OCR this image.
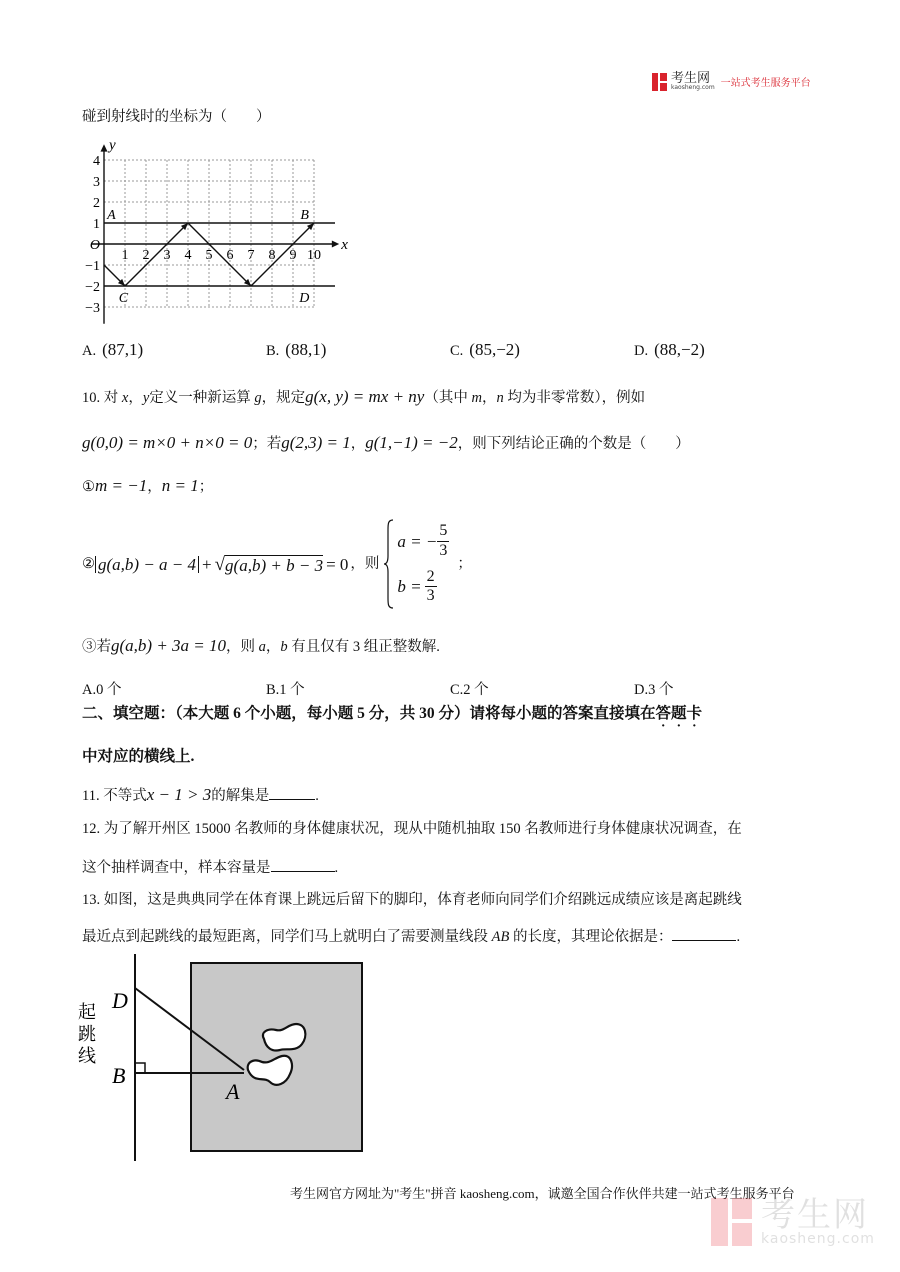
考生网
kaosheng.com 一站式考生服务平台
碰到射线时的坐标为（　　）
1 2 3 4 5 6 7 8 9 10
4
3
2
1
−1
−2
−3
O	x
y
A	B
C	D
A. (87,1)	B. (88,1)	C. (85,−2)	D. (88,−2)
10. 对 x，y定义一种新运算 g，规定g(x, y) = mx + ny（其中 m，n 均为非零常数），例如
g(0,0) = m×0 + n×0 = 0；若g(2,3) = 1，g(1,−1) = −2，则下列结论正确的个数是（　　）
①m = −1，n = 1；
② g(a,b) − a − 4 + √ g(a,b) + b − 3 = 0 ，则
a = − $\frac{5}{3}$
$b = \frac{2}{3}$
；
③若g(a,b) + 3a = 10，则 a，b 有且仅有 3 组正整数解.
A.0 个	B.1 个	C.2 个	D.3 个
二、填空题：（本大题 6 个小题，每小题 5 分，共 30 分）请将每小题的答案直接填在答题卡
中对应的横线上.
11. 不等式x − 1 > 3的解集是	.
12. 为了解开州区 15000 名教师的身体健康状况，现从中随机抽取 150 名教师进行身体健康状况调查，在
这个抽样调查中，样本容量是	.
13. 如图，这是典典同学在体育课上跳远后留下的脚印，体育老师向同学们介绍跳远成绩应该是离起跳线
最近点到起跳线的最短距离，同学们马上就明白了需要测量线段 AB 的长度，其理论依据是：	.
起
跳
线
D
B
A
考生网官方网址为"考生"拼音 kaosheng.com，诚邀全国合作伙伴共建一站式考生服务平台
考生网
kaosheng.com
